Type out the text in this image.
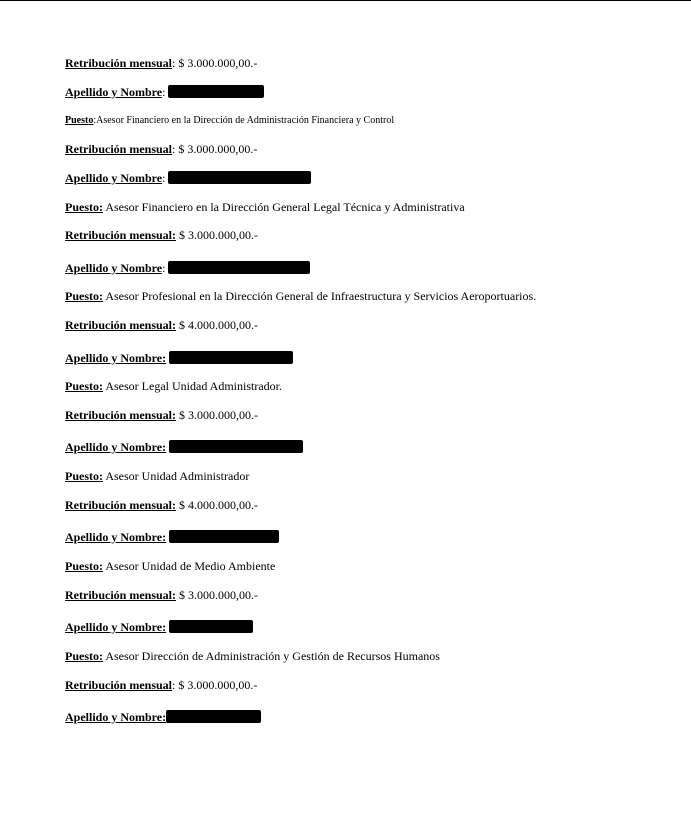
Retribución mensual: $ 3.000.000,00.-
Apellido y Nombre:
Puesto:Asesor Financiero en la Dirección de Administración Financiera y Control
Retribución mensual: $ 3.000.000,00.-
Apellido y Nombre:
Puesto: Asesor Financiero en la Dirección General Legal Técnica y Administrativa
Retribución mensual: $ 3.000.000,00.-
Apellido y Nombre:
Puesto: Asesor Profesional en la Dirección General de Infraestructura y Servicios Aeroportuarios.
Retribución mensual: $ 4.000.000,00.-
Apellido y Nombre:
Puesto: Asesor Legal Unidad Administrador.
Retribución mensual: $ 3.000.000,00.-
Apellido y Nombre:
Puesto: Asesor Unidad Administrador
Retribución mensual: $ 4.000.000,00.-
Apellido y Nombre:
Puesto: Asesor Unidad de Medio Ambiente
Retribución mensual: $ 3.000.000,00.-
Apellido y Nombre:
Puesto: Asesor Dirección de Administración y Gestión de Recursos Humanos
Retribución mensual: $ 3.000.000,00.-
Apellido y Nombre:
